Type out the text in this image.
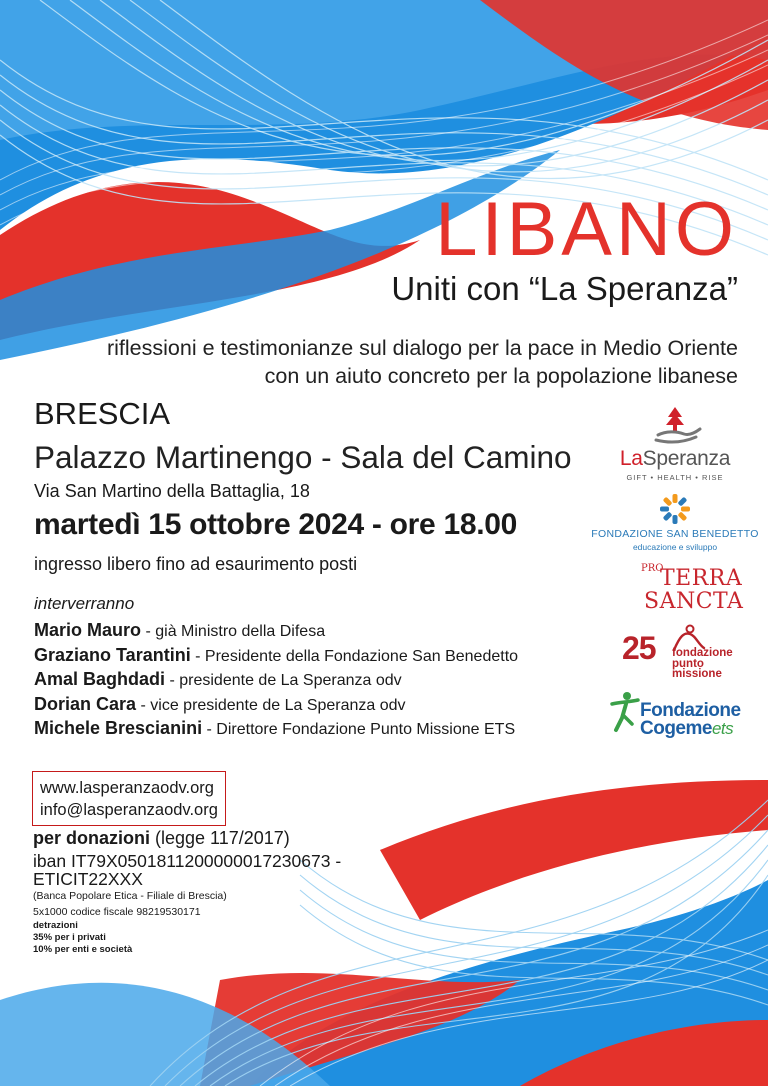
LIBANO
Uniti con “La Speranza”
riflessioni e testimonianze sul dialogo per la pace in Medio Oriente
con un aiuto concreto per la popolazione libanese
BRESCIA
Palazzo Martinengo - Sala del Camino
Via San Martino della Battaglia, 18
martedì 15 ottobre 2024 - ore 18.00
ingresso libero fino ad esaurimento posti
interverranno
Mario Mauro - già Ministro della Difesa
Graziano Tarantini - Presidente della Fondazione San Benedetto
Amal Baghdadi - presidente de La Speranza odv
Dorian Cara - vice presidente de La Speranza odv
Michele Brescianini - Direttore Fondazione Punto Missione ETS
www.lasperanzaodv.org
info@lasperanzaodv.org
per donazioni (legge 117/2017)
iban IT79X0501811200000017230673 - ETICIT22XXX
(Banca Popolare Etica - Filiale di Brescia)
5x1000 codice fiscale 98219530171
detrazioni
35% per i privati
10% per enti e società
LaSperanza
GIFT • HEALTH • RISE
FONDAZIONE SAN BENEDETTO
educazione e sviluppo
PRO
TERRA
SANCTA
25 fondazione
punto
missione
Fondazione
Cogemeets
